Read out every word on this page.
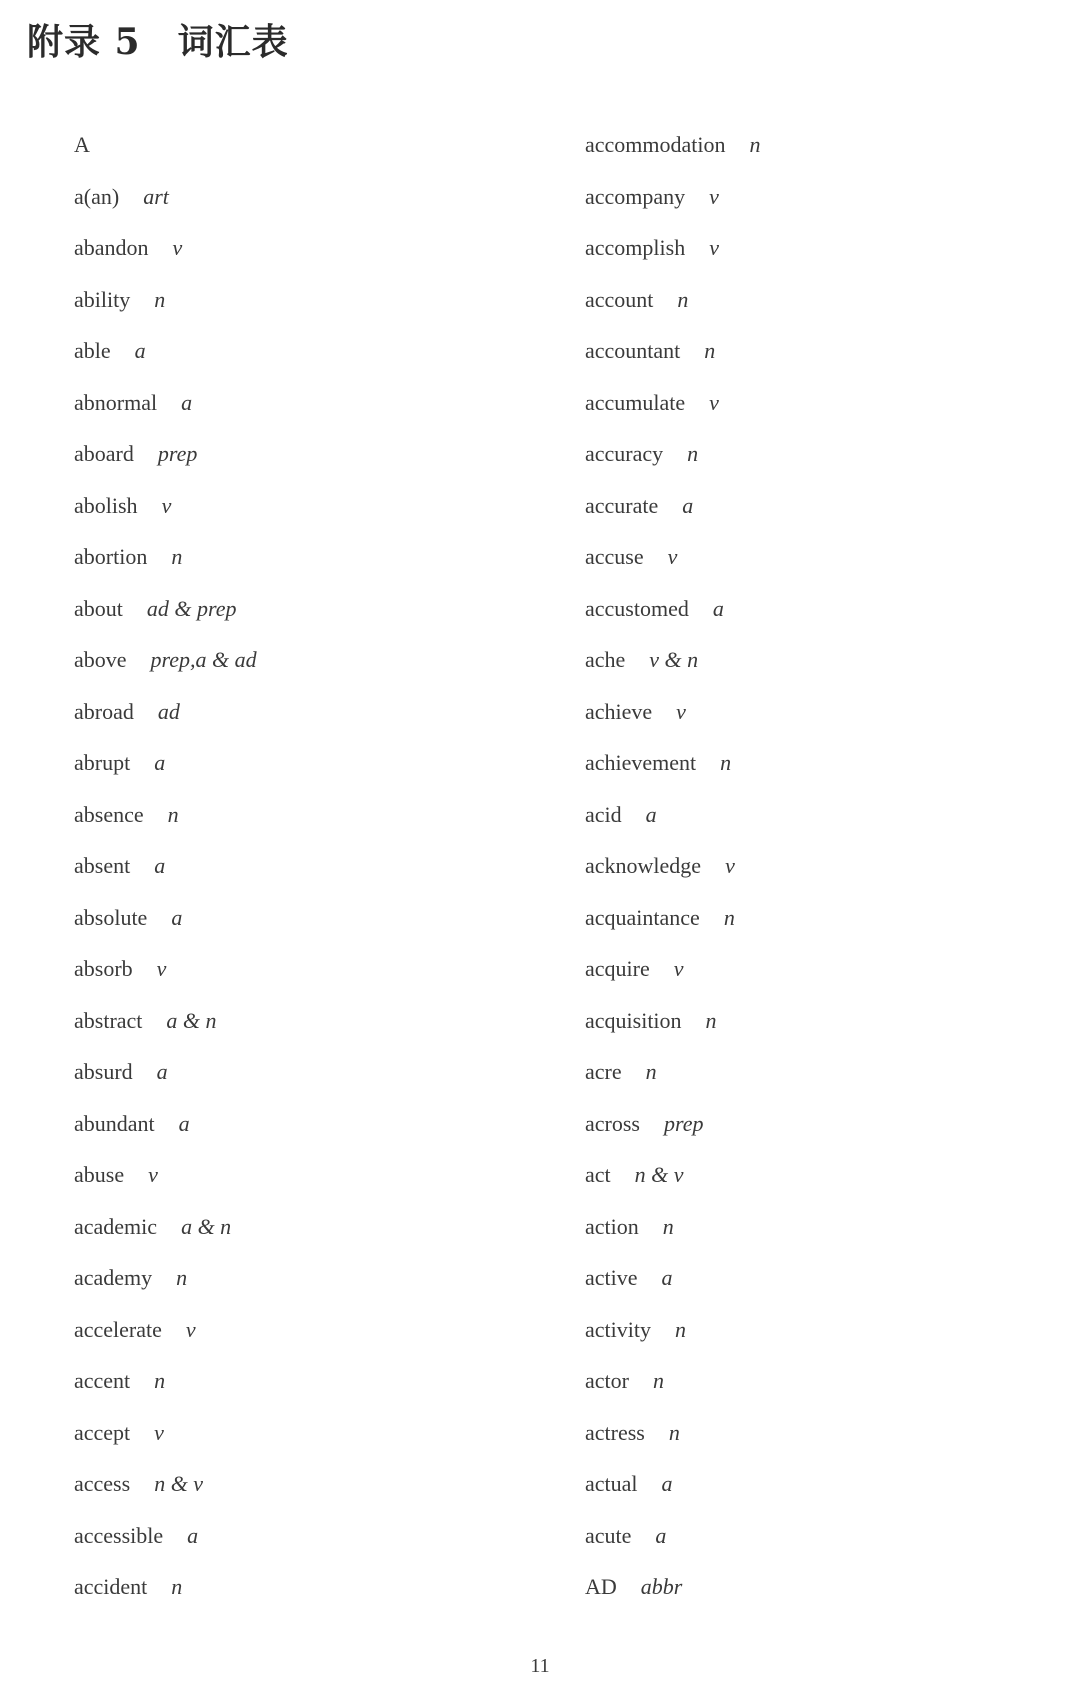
附录 5　词汇表
A
a(an) art
abandon v
ability n
able a
abnormal a
aboard prep
abolish v
abortion n
about ad & prep
above prep,a & ad
abroad ad
abrupt a
absence n
absent a
absolute a
absorb v
abstract a & n
absurd a
abundant a
abuse v
academic a & n
academy n
accelerate v
accent n
accept v
access n & v
accessible a
accident n
accommodation n
accompany v
accomplish v
account n
accountant n
accumulate v
accuracy n
accurate a
accuse v
accustomed a
ache v & n
achieve v
achievement n
acid a
acknowledge v
acquaintance n
acquire v
acquisition n
acre n
across prep
act n & v
action n
active a
activity n
actor n
actress n
actual a
acute a
AD abbr
11
